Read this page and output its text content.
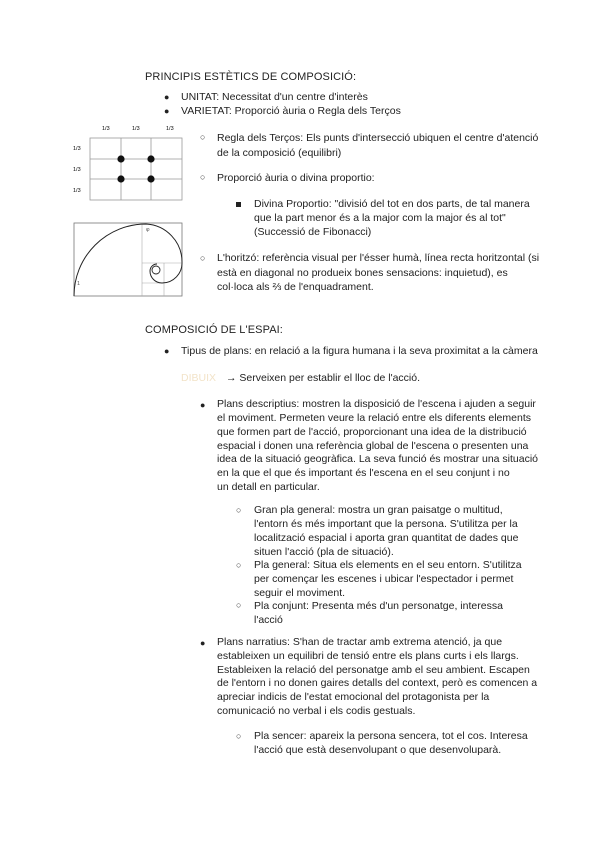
PRINCIPIS ESTÈTICS DE COMPOSICIÓ:
● UNITAT: Necessitat d'un centre d'interès
● VARIETAT: Proporció àuria o Regla dels Terços
1/3	1/3	1/3
1/3
1/3
1/3
○ Regla dels Terços: Els punts d'intersecció ubiquen el centre d'atenció
de la composició (equilibri)
○ Proporció àuria o divina proportio:
Divina Proportio: "divisió del tot en dos parts, de tal manera
que la part menor és a la major com la major és al tot"
(Successió de Fibonacci)
φ
1
○ L'horitzó: referència visual per l'ésser humà, línea recta horitzontal (si
està en diagonal no produeix bones sensacions: inquietud), es
col·loca als ⅔ de l'enquadrament.
COMPOSICIÓ DE L'ESPAI:
● Tipus de plans: en relació a la figura humana i la seva proximitat a la càmera
DIBUIX → Serveixen per establir el lloc de l'acció.
● Plans descriptius: mostren la disposició de l'escena i ajuden a seguir
el moviment. Permeten veure la relació entre els diferents elements
que formen part de l'acció, proporcionant una idea de la distribució
espacial i donen una referència global de l'escena o presenten una
idea de la situació geogràfica. La seva funció és mostrar una situació
en la que el que és important és l'escena en el seu conjunt i no
un detall en particular.
○ Gran pla general: mostra un gran paisatge o multitud,
l'entorn és més important que la persona. S'utilitza per la
localització espacial i aporta gran quantitat de dades que
situen l'acció (pla de situació).
○ Pla general: Situa els elements en el seu entorn. S'utilitza
per començar les escenes i ubicar l'espectador i permet
seguir el moviment.
○ Pla conjunt: Presenta més d'un personatge, interessa
l'acció
● Plans narratius: S'han de tractar amb extrema atenció, ja que
estableixen un equilibri de tensió entre els plans curts i els llargs.
Estableixen la relació del personatge amb el seu ambient. Escapen
de l'entorn i no donen gaires detalls del context, però es comencen a
apreciar indicis de l'estat emocional del protagonista per la
comunicació no verbal i els codis gestuals.
○ Pla sencer: apareix la persona sencera, tot el cos. Interesa
l'acció que està desenvolupant o que desenvoluparà.
